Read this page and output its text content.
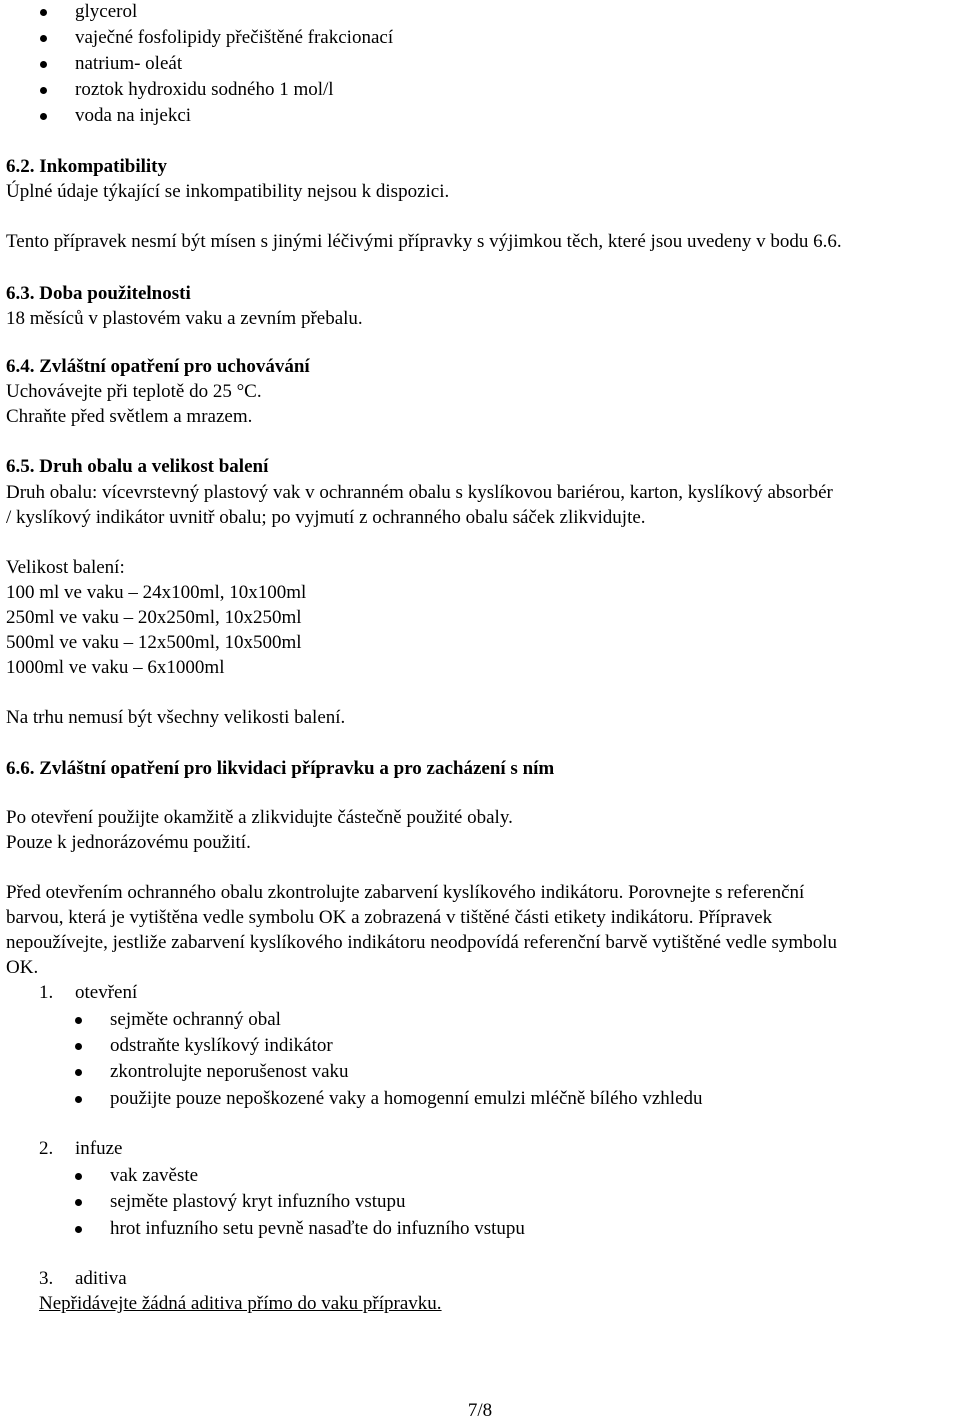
glycerol
vaječné fosfolipidy přečištěné frakcionací
natrium- oleát
roztok hydroxidu sodného 1 mol/l
voda na injekci
6.2. Inkompatibility
Úplné údaje týkající se inkompatibility nejsou k dispozici.
Tento přípravek nesmí být mísen s jinými léčivými přípravky s výjimkou těch, které jsou uvedeny v bodu 6.6.
6.3. Doba použitelnosti
18 měsíců v plastovém vaku a zevním přebalu.
6.4. Zvláštní opatření pro uchovávání
Uchovávejte při teplotě do 25 °C.
Chraňte před světlem a mrazem.
6.5. Druh obalu a velikost balení
Druh obalu: vícevrstevný plastový vak v ochranném obalu s kyslíkovou bariérou, karton, kyslíkový absorbér
/ kyslíkový indikátor uvnitř obalu; po vyjmutí z ochranného obalu sáček zlikvidujte.
Velikost balení:
100 ml ve vaku – 24x100ml, 10x100ml
250ml ve vaku – 20x250ml, 10x250ml
500ml ve vaku – 12x500ml, 10x500ml
1000ml ve vaku – 6x1000ml
Na trhu nemusí být všechny velikosti balení.
6.6. Zvláštní opatření pro likvidaci přípravku a pro zacházení s ním
Po otevření použijte okamžitě a zlikvidujte částečně použité obaly.
Pouze k jednorázovému použití.
Před otevřením ochranného obalu zkontrolujte zabarvení kyslíkového indikátoru. Porovnejte s referenční
barvou, která je vytištěna vedle symbolu OK a zobrazená v tištěné části etikety indikátoru. Přípravek
nepoužívejte, jestliže zabarvení kyslíkového indikátoru neodpovídá referenční barvě vytištěné vedle symbolu
OK.
1. otevření
sejměte ochranný obal
odstraňte kyslíkový indikátor
zkontrolujte neporušenost vaku
použijte pouze nepoškozené vaky a homogenní emulzi mléčně bílého vzhledu
2. infuze
vak zavěste
sejměte plastový kryt infuzního vstupu
hrot infuzního setu pevně nasaďte do infuzního vstupu
3. aditiva
Nepřidávejte žádná aditiva přímo do vaku přípravku.
7/8
